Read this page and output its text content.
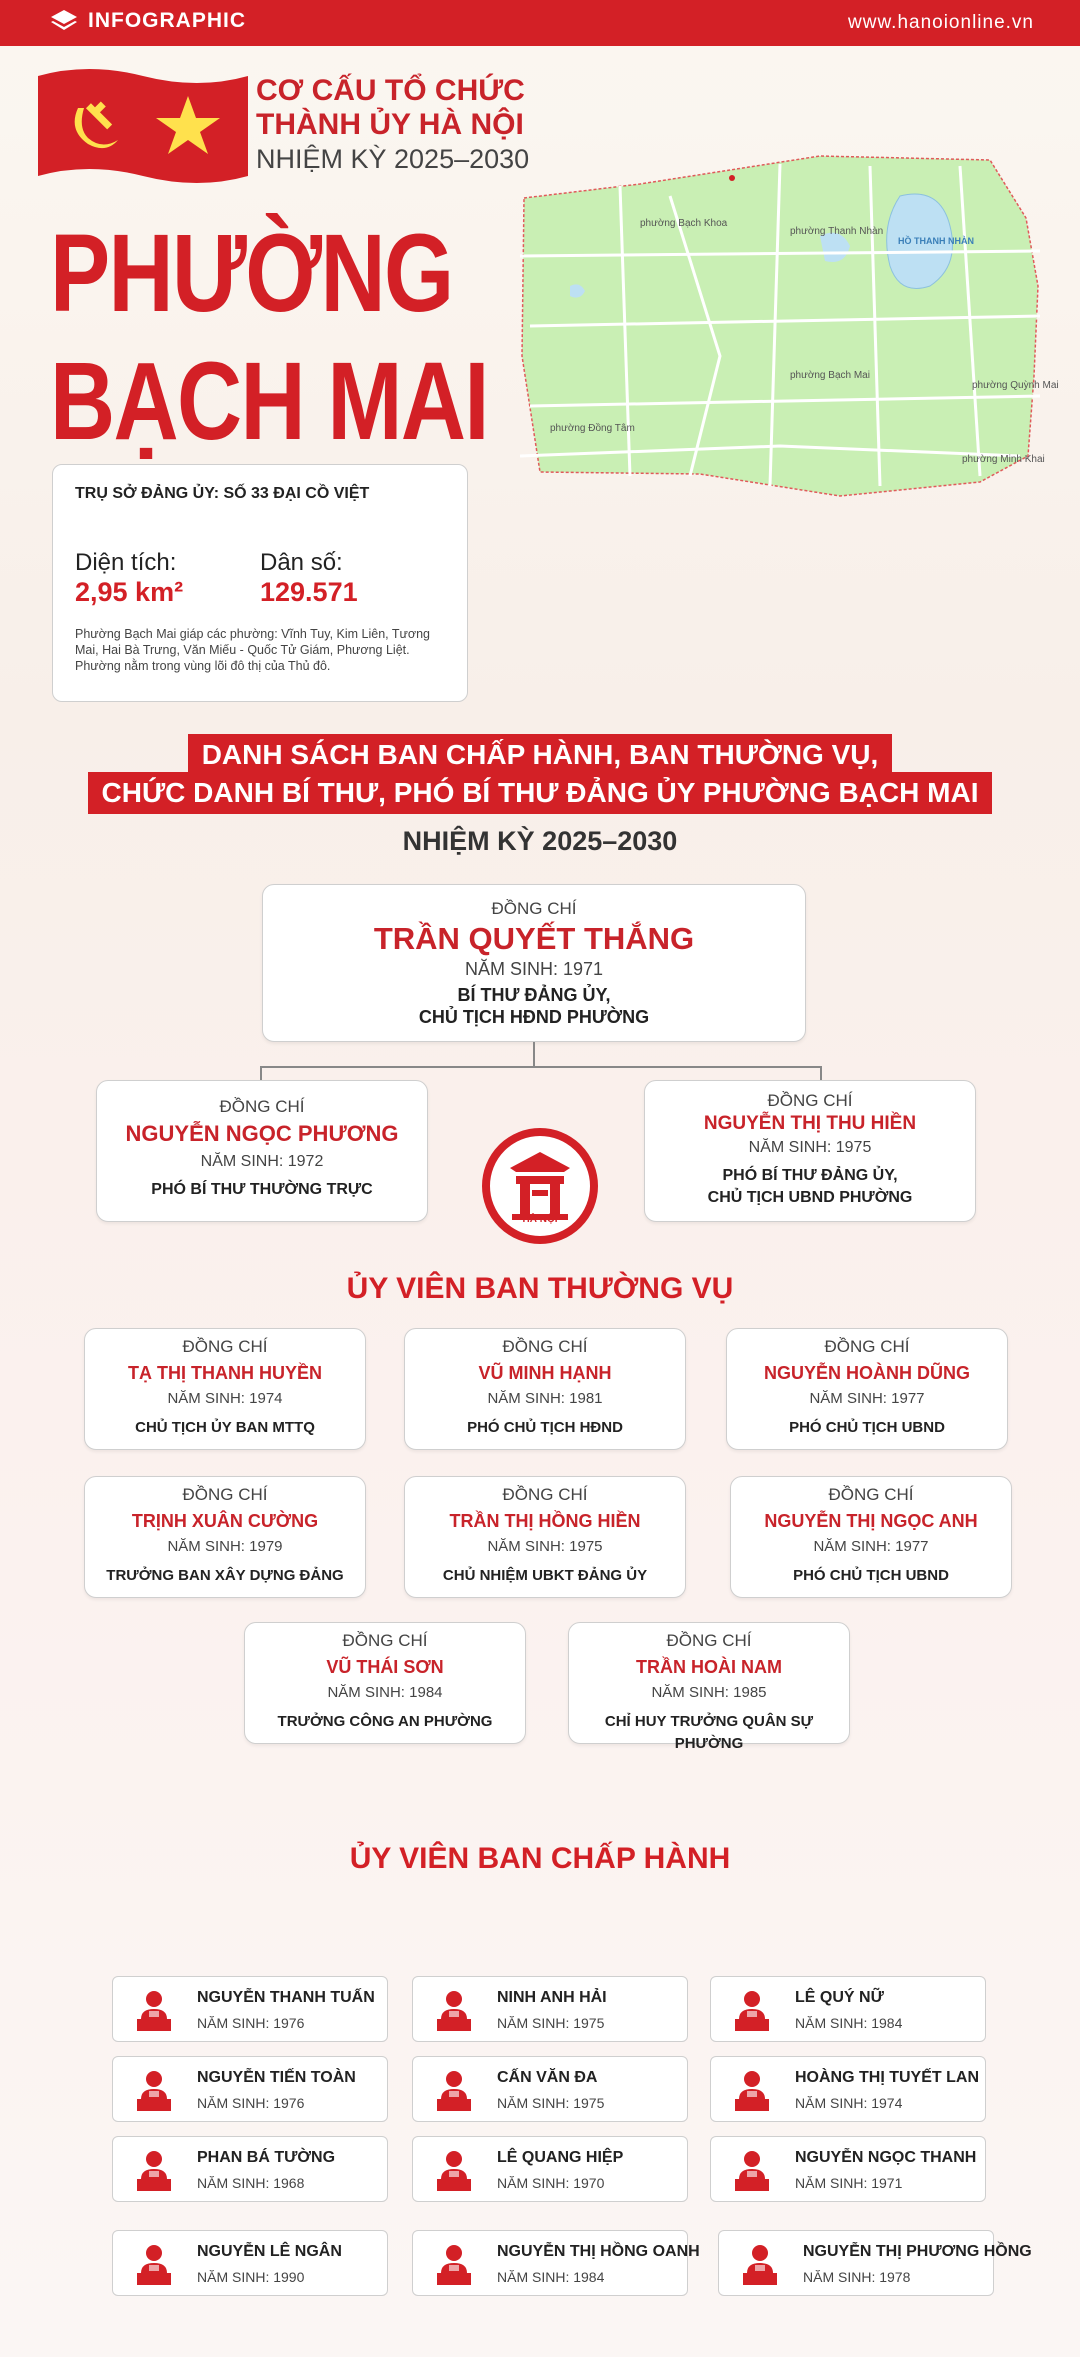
INFOGRAPHIC	www.hanoionline.vn
CƠ CẤU TỔ CHỨC
THÀNH ỦY HÀ NỘI
NHIỆM KỲ 2025–2030
PHƯỜNG
BẠCH MAI
phường Bạch Khoa
phường Thanh Nhàn
phường Bạch Mai
phường Đồng Tâm
phường Quỳnh Mai
phường Minh Khai
HỒ THANH NHÀN
TRỤ SỞ ĐẢNG ỦY: SỐ 33 ĐẠI CỒ VIỆT
Diện tích:
2,95 km²
Dân số:
129.571
Phường Bạch Mai giáp các phường: Vĩnh Tuy, Kim Liên, Tương Mai, Hai Bà Trưng, Văn Miếu - Quốc Tử Giám, Phương Liệt. Phường nằm trong vùng lõi đô thị của Thủ đô.
DANH SÁCH BAN CHẤP HÀNH, BAN THƯỜNG VỤ,
CHỨC DANH BÍ THƯ, PHÓ BÍ THƯ ĐẢNG ỦY PHƯỜNG BẠCH MAI
NHIỆM KỲ 2025–2030
ĐỒNG CHÍ
TRẦN QUYẾT THẮNG
NĂM SINH: 1971
BÍ THƯ ĐẢNG ỦY,
CHỦ TỊCH HĐND PHƯỜNG
ĐỒNG CHÍ
NGUYỄN NGỌC PHƯƠNG
NĂM SINH: 1972
PHÓ BÍ THƯ THƯỜNG TRỰC
ĐỒNG CHÍ
NGUYỄN THỊ THU HIỀN
NĂM SINH: 1975
PHÓ BÍ THƯ ĐẢNG ỦY,
CHỦ TỊCH UBND PHƯỜNG
HÀ NỘI
ỦY VIÊN BAN THƯỜNG VỤ
ĐỒNG CHÍ
TẠ THỊ THANH HUYỀN
NĂM SINH: 1974
CHỦ TỊCH ỦY BAN MTTQ
ĐỒNG CHÍ
VŨ MINH HẠNH
NĂM SINH: 1981
PHÓ CHỦ TỊCH HĐND
ĐỒNG CHÍ
NGUYỄN HOÀNH DŨNG
NĂM SINH: 1977
PHÓ CHỦ TỊCH UBND
ĐỒNG CHÍ
TRỊNH XUÂN CƯỜNG
NĂM SINH: 1979
TRƯỞNG BAN XÂY DỰNG ĐẢNG
ĐỒNG CHÍ
TRẦN THỊ HỒNG HIỀN
NĂM SINH: 1975
CHỦ NHIỆM UBKT ĐẢNG ỦY
ĐỒNG CHÍ
NGUYỄN THỊ NGỌC ANH
NĂM SINH: 1977
PHÓ CHỦ TỊCH UBND
ĐỒNG CHÍ
VŨ THÁI SƠN
NĂM SINH: 1984
TRƯỞNG CÔNG AN PHƯỜNG
ĐỒNG CHÍ
TRẦN HOÀI NAM
NĂM SINH: 1985
CHỈ HUY TRƯỞNG QUÂN SỰ PHƯỜNG
ỦY VIÊN BAN CHẤP HÀNH
NGUYỄN THANH TUẤN
NĂM SINH: 1976
NINH ANH HẢI
NĂM SINH: 1975
LÊ QUÝ NỮ
NĂM SINH: 1984
NGUYỄN TIẾN TOÀN
NĂM SINH: 1976
CẤN VĂN ĐA
NĂM SINH: 1975
HOÀNG THỊ TUYẾT LAN
NĂM SINH: 1974
PHAN BÁ TƯỜNG
NĂM SINH: 1968
LÊ QUANG HIỆP
NĂM SINH: 1970
NGUYỄN NGỌC THANH
NĂM SINH: 1971
NGUYỄN LÊ NGÂN
NĂM SINH: 1990
NGUYỄN THỊ HỒNG OANH
NĂM SINH: 1984
NGUYỄN THỊ PHƯƠNG HỒNG
NĂM SINH: 1978
